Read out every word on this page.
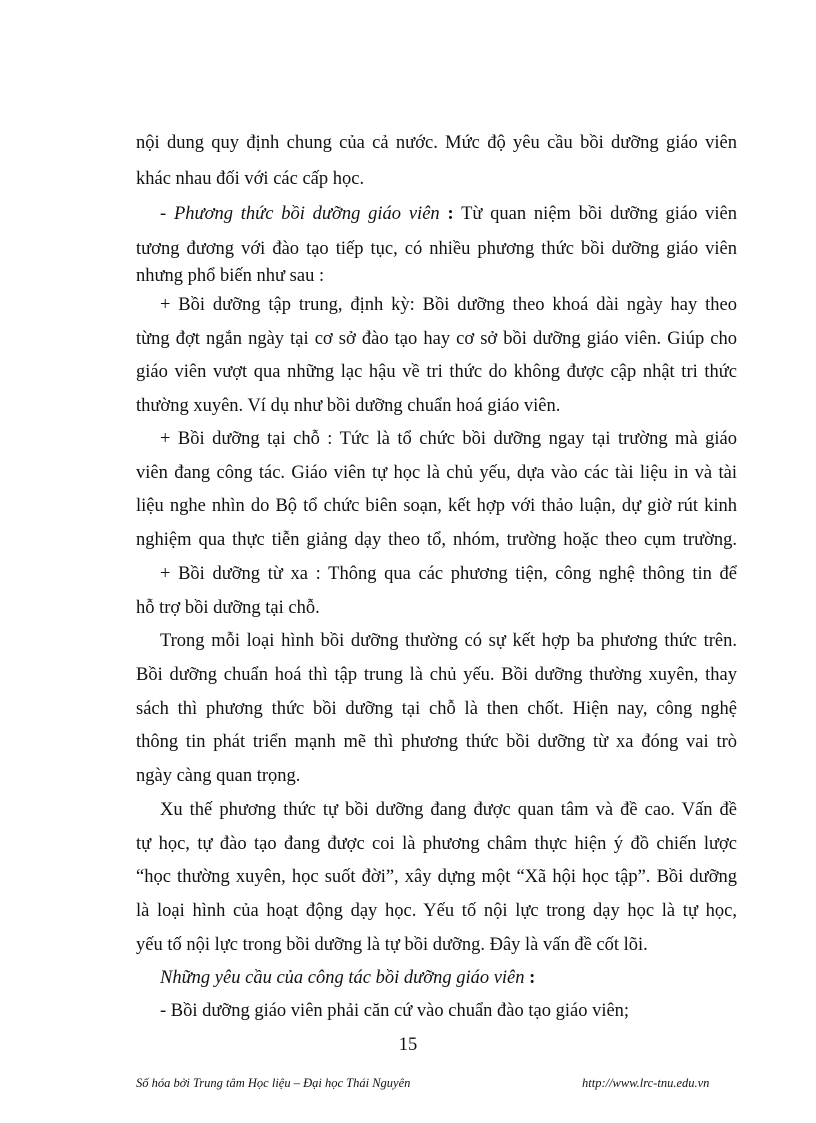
nội dung quy định chung của cả nước. Mức độ yêu cầu bồi dưỡng giáo viên
khác nhau đối với các cấp học.
- Phương thức bồi dưỡng giáo viên : Từ quan niệm bồi dưỡng giáo viên
tương đương với đào tạo tiếp tục, có nhiều phương thức bồi dưỡng giáo viên
nhưng phổ biến như sau :
+ Bồi dưỡng tập trung, định kỳ: Bồi dưỡng theo khoá dài ngày hay theo
từng đợt ngắn ngày tại cơ sở đào tạo hay cơ sở bồi dưỡng giáo viên. Giúp cho
giáo viên vượt qua những lạc hậu về tri thức do không được cập nhật tri thức
thường xuyên. Ví dụ như bồi dưỡng chuẩn hoá giáo viên.
+ Bồi dưỡng tại chỗ : Tức là tổ chức bồi dưỡng ngay tại trường mà giáo
viên đang công tác. Giáo viên tự học là chủ yếu, dựa vào các tài liệu in và tài
liệu nghe nhìn do Bộ tổ chức biên soạn, kết hợp với thảo luận, dự giờ rút kinh
nghiệm qua thực tiễn giảng dạy theo tổ, nhóm, trường hoặc theo cụm trường.
+ Bồi dưỡng từ xa : Thông qua các phương tiện, công nghệ thông tin để
hỗ trợ bồi dưỡng tại chỗ.
Trong mỗi loại hình bồi dưỡng thường có sự kết hợp ba phương thức trên.
Bồi dưỡng chuẩn hoá thì tập trung là chủ yếu. Bồi dưỡng thường xuyên, thay
sách thì phương thức bồi dưỡng tại chỗ là then chốt. Hiện nay, công nghệ
thông tin phát triển mạnh mẽ thì phương thức bồi dưỡng từ xa đóng vai trò
ngày càng quan trọng.
Xu thế phương thức tự bồi dưỡng đang được quan tâm và đề cao. Vấn đề
tự học, tự đào tạo đang được coi là phương châm thực hiện ý đồ chiến lược
“học thường xuyên, học suốt đời”, xây dựng một “Xã hội học tập”. Bồi dưỡng
là loại hình của hoạt động dạy học. Yếu tố nội lực trong dạy học là tự học,
yếu tố nội lực trong bồi dưỡng là tự bồi dưỡng. Đây là vấn đề cốt lõi.
Những yêu cầu của công tác bồi dưỡng giáo viên :
- Bồi dưỡng giáo viên phải căn cứ vào chuẩn đào tạo giáo viên;
15
Số hóa bởi Trung tâm Học liệu – Đại học Thái Nguyên	http://www.lrc-tnu.edu.vn
